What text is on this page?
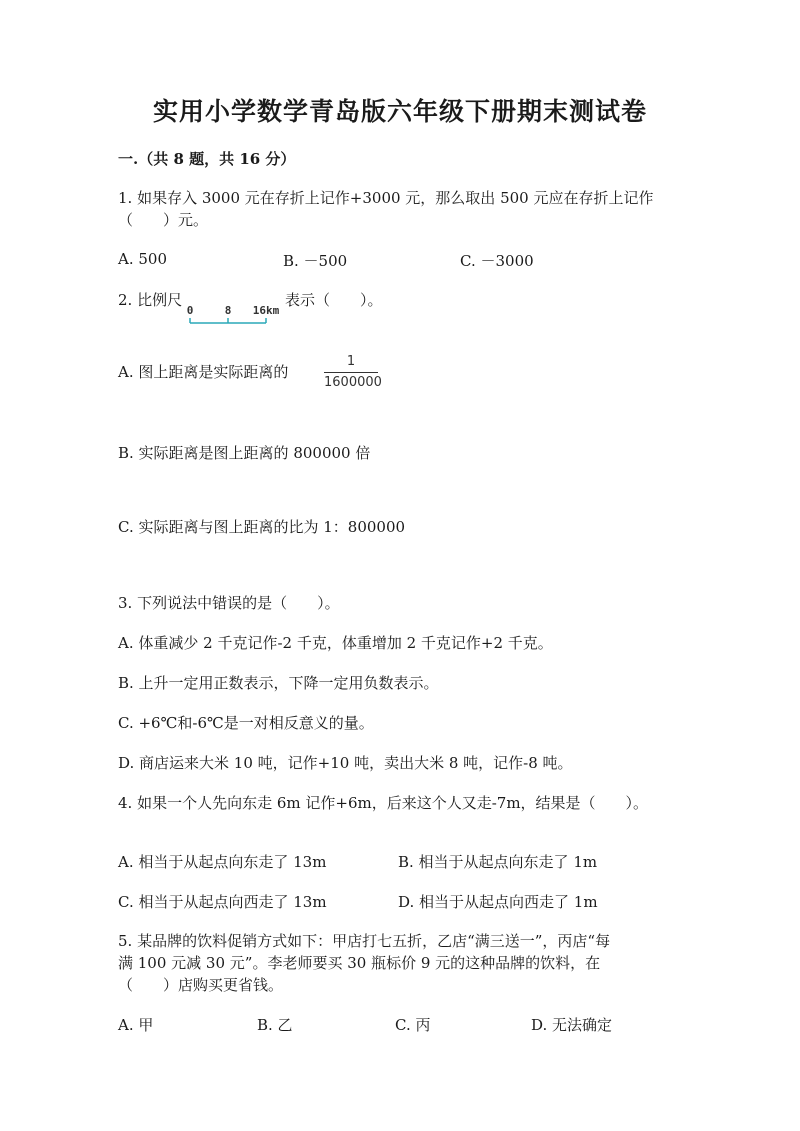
实用小学数学青岛版六年级下册期末测试卷
一.（共 8 题，共 16 分）
1. 如果存入 3000 元在存折上记作+3000 元，那么取出 500 元应在存折上记作
（　　）元。
A. 500	B. －500	C. －3000
2. 比例尺
0	8 16km
表示（　　）。
A. 图上距离是实际距离的
1
1600000
B. 实际距离是图上距离的 800000 倍
C. 实际距离与图上距离的比为 1：800000
3. 下列说法中错误的是（　　）。
A. 体重减少 2 千克记作-2 千克，体重增加 2 千克记作+2 千克。
B. 上升一定用正数表示，下降一定用负数表示。
C. +6℃和-6℃是一对相反意义的量。
D. 商店运来大米 10 吨，记作+10 吨，卖出大米 8 吨，记作-8 吨。
4. 如果一个人先向东走 6m 记作+6m，后来这个人又走-7m，结果是（　　）。
A. 相当于从起点向东走了 13m	B. 相当于从起点向东走了 1m
C. 相当于从起点向西走了 13m	D. 相当于从起点向西走了 1m
5. 某品牌的饮料促销方式如下：甲店打七五折，乙店“满三送一”，丙店“每
满 100 元减 30 元”。李老师要买 30 瓶标价 9 元的这种品牌的饮料，在
（　　）店购买更省钱。
A. 甲	B. 乙	C. 丙	D. 无法确定
